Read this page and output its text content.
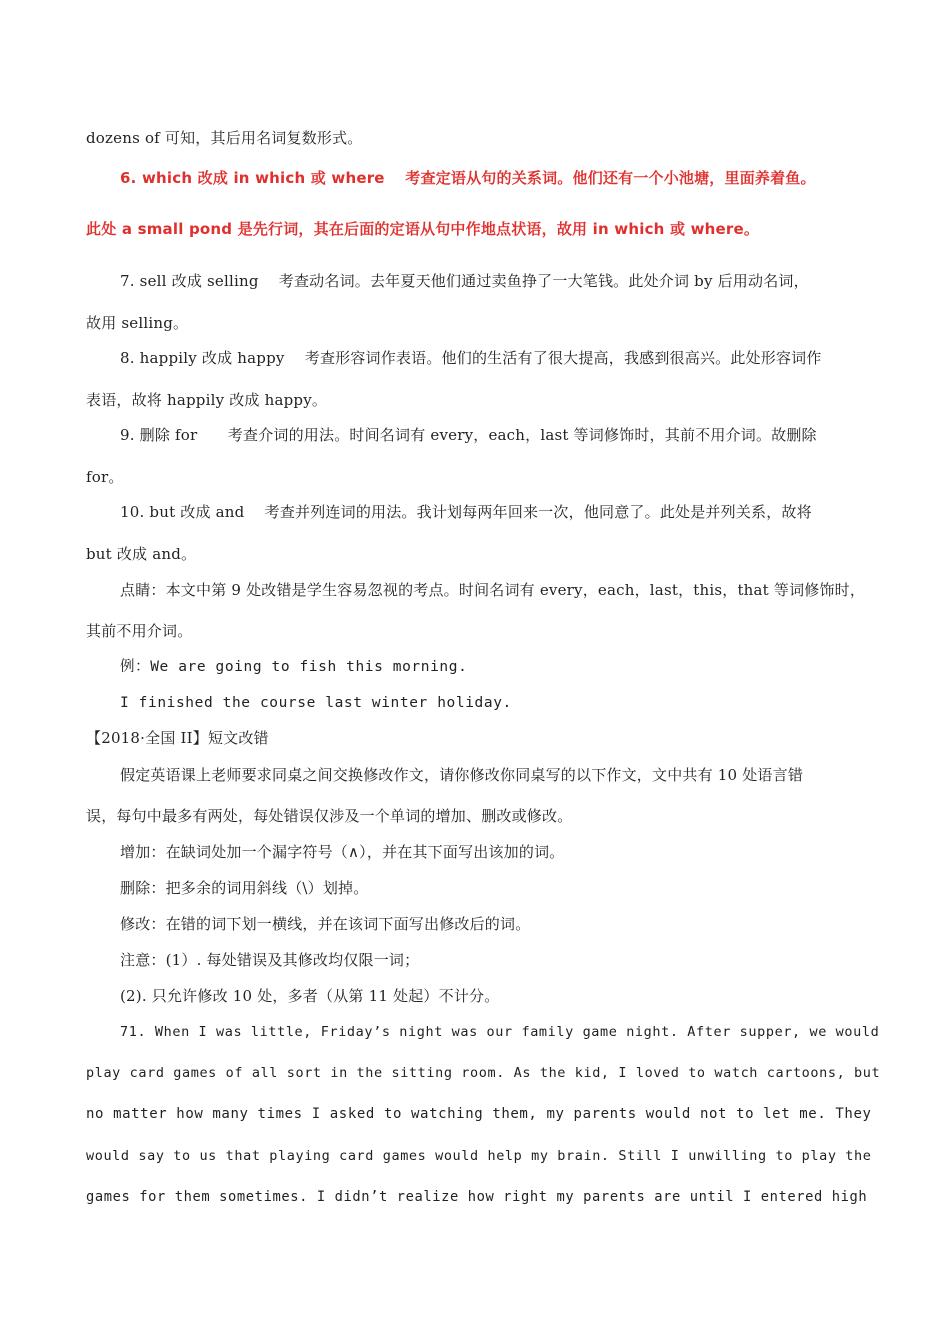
dozens of 可知，其后用名词复数形式。
6. which 改成 in which 或 where　 考查定语从句的关系词。他们还有一个小池塘，里面养着鱼。
此处 a small pond 是先行词，其在后面的定语从句中作地点状语，故用 in which 或 where。
7. sell 改成 selling　 考查动名词。去年夏天他们通过卖鱼挣了一大笔钱。此处介词 by 后用动名词，
故用 selling。
8. happily 改成 happy　 考查形容词作表语。他们的生活有了很大提高，我感到很高兴。此处形容词作
表语，故将 happily 改成 happy。
9. 删除 for　　考查介词的用法。时间名词有 every，each，last 等词修饰时，其前不用介词。故删除
for。
10. but 改成 and　 考查并列连词的用法。我计划每两年回来一次，他同意了。此处是并列关系，故将
but 改成 and。
点睛：本文中第 9 处改错是学生容易忽视的考点。时间名词有 every，each，last，this，that 等词修饰时，
其前不用介词。
例：We are going to fish this morning.
I finished the course last winter holiday.
【2018·全国 II】短文改错
假定英语课上老师要求同桌之间交换修改作文，请你修改你同桌写的以下作文，文中共有 10 处语言错
误，每句中最多有两处，每处错误仅涉及一个单词的增加、删改或修改。
增加：在缺词处加一个漏字符号（∧），并在其下面写出该加的词。
删除：把多余的词用斜线（\）划掉。
修改：在错的词下划一横线，并在该词下面写出修改后的词。
注意：(1）. 每处错误及其修改均仅限一词；
(2). 只允许修改 10 处，多者（从第 11 处起）不计分。
71. When I was little, Friday’s night was our family game night. After supper, we would
play card games of all sort in the sitting room. As the kid, I loved to watch cartoons, but
no matter how many times I asked to watching them, my parents would not to let me. They
would say to us that playing card games would help my brain. Still I unwilling to play the
games for them sometimes. I didn’t realize how right my parents are until I entered high
